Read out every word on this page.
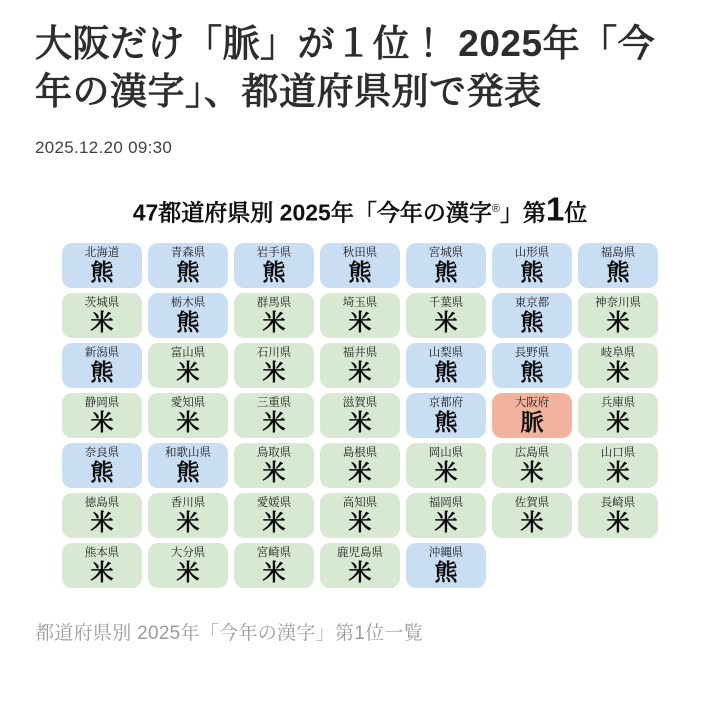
大阪だけ「脈」が１位！ 2025年「今年の漢字」、都道府県別で発表
2025.12.20 09:30
47都道府県別 2025年「今年の漢字®」第1位
北海道
熊
青森県
熊
岩手県
熊
秋田県
熊
宮城県
熊
山形県
熊
福島県
熊
茨城県
米
栃木県
熊
群馬県
米
埼玉県
米
千葉県
米
東京都
熊
神奈川県
米
新潟県
熊
富山県
米
石川県
米
福井県
米
山梨県
熊
長野県
熊
岐阜県
米
静岡県
米
愛知県
米
三重県
米
滋賀県
米
京都府
熊
大阪府
脈
兵庫県
米
奈良県
熊
和歌山県
熊
鳥取県
米
島根県
米
岡山県
米
広島県
米
山口県
米
徳島県
米
香川県
米
愛媛県
米
高知県
米
福岡県
米
佐賀県
米
長崎県
米
熊本県
米
大分県
米
宮崎県
米
鹿児島県
米
沖縄県
熊
都道府県別 2025年「今年の漢字」第1位一覧
